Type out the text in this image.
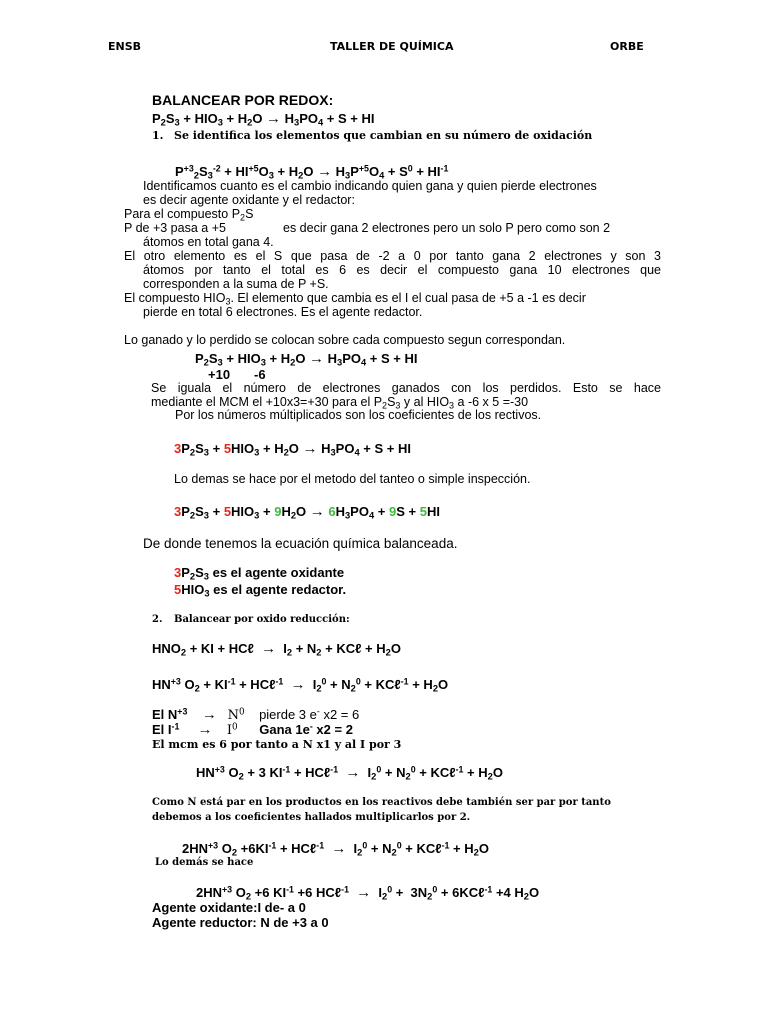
ENSB	TALLER DE QUÍMICA	ORBE
BALANCEAR POR REDOX:
$P_2S_3 + HIO_3 + H_2O \to H_3PO_4 + S$ + HI
1. Se identifica los elementos que cambian en su número de oxidación
$P^{+3}_2S_3^{-2} + HI^{+5}O_3 + H_2O \to H_3P^{+5}O_4 + S^0 + HI^{-1}$
Identificamos cuanto es el cambio indicando quien gana y quien pierde electrones
es decir agente oxidante y el redactor:
Para el compuesto $P_2S$
P de +3 pasa a +5	es decir gana 2 electrones pero un solo P pero como son 2
átomos en total gana 4.
El otro elemento es el S que pasa de -2 a 0 por tanto gana 2 electrones y son 3
átomos por tanto el total es 6 es decir el compuesto gana 10 electrones que
corresponden a la suma de P +S.
El compuesto $HIO_3$. El elemento que cambia es el I el cual pasa de +5 a -1 es decir
pierde en total 6 electrones. Es el agente redactor.
Lo ganado y lo perdido se colocan sobre cada compuesto segun correspondan.
$P_2S_3 + HIO_3 + H_2O \to H_3PO_4 + S$ + HI
+10 -6
Se iguala el número de electrones ganados con los perdidos. Esto se hace
mediante el MCM el +10x3=+30 para el $P_2S_3$ y al $HIO_3$ a -6 x 5 =-30
Por los números múltiplicados son los coeficientes de los rectivos.
$3P_2S_3 + 5HIO_3 + H_2O \to H_3PO_4 + S$ + HI
Lo demas se hace por el metodo del tanteo o simple inspección.
$3P_2S_3 + 5HIO_3 + 9H_2O \to 6H_3PO_4 + 9S + 5HI$
De donde tenemos la ecuación química balanceada.
$3P_2S_3$ es el agente oxidante
$5HIO_3$ es el agente redactor.
2. Balancear por oxido reducción:
$HNO_2$ + KI + HCℓ  →  $I_2 + N_2$ + KCℓ + $H_2O$
$HN^{+3}$ $O_2 + KI^{-1}$ + HCℓ$^{-1}$ →  $I_2^0 + N_2^0$ + KCℓ$^{-1}$ + $H_2O$
El $N^{+3} \to N^0$ pierde 3 e- x2 = 6
El $I^{-1} \to I^0$ Gana 1e- x2 = 2
El mcm es 6 por tanto a N x1 y al I por 3
$HN^{+3}$ $O_2 + 3$ $KI^{-1}$ + HCℓ$^{-1}$ →  $I_2^0 + N_2^0$ + KCℓ$^{-1}$ + $H_2O$
Como N está par en los productos en los reactivos debe también ser par por tanto
debemos a los coeficientes hallados multiplicarlos por 2.
$2HN^{+3}$ $O_2 +6KI^{-1}$ + HCℓ$^{-1}$ →  $I_2^0 + N_2^0$ + KCℓ$^{-1}$ + $H_2O$
Lo demás se hace
$2HN^{+3}$ $O_2 +6$ $KI^{-1} +6$ HCℓ$^{-1}$ →  $I_2^0 + 3N_2^0$ + 6KCℓ$^{-1}$ +4 $H_2O$
Agente oxidante:I de- a 0
Agente reductor: N de +3 a 0
